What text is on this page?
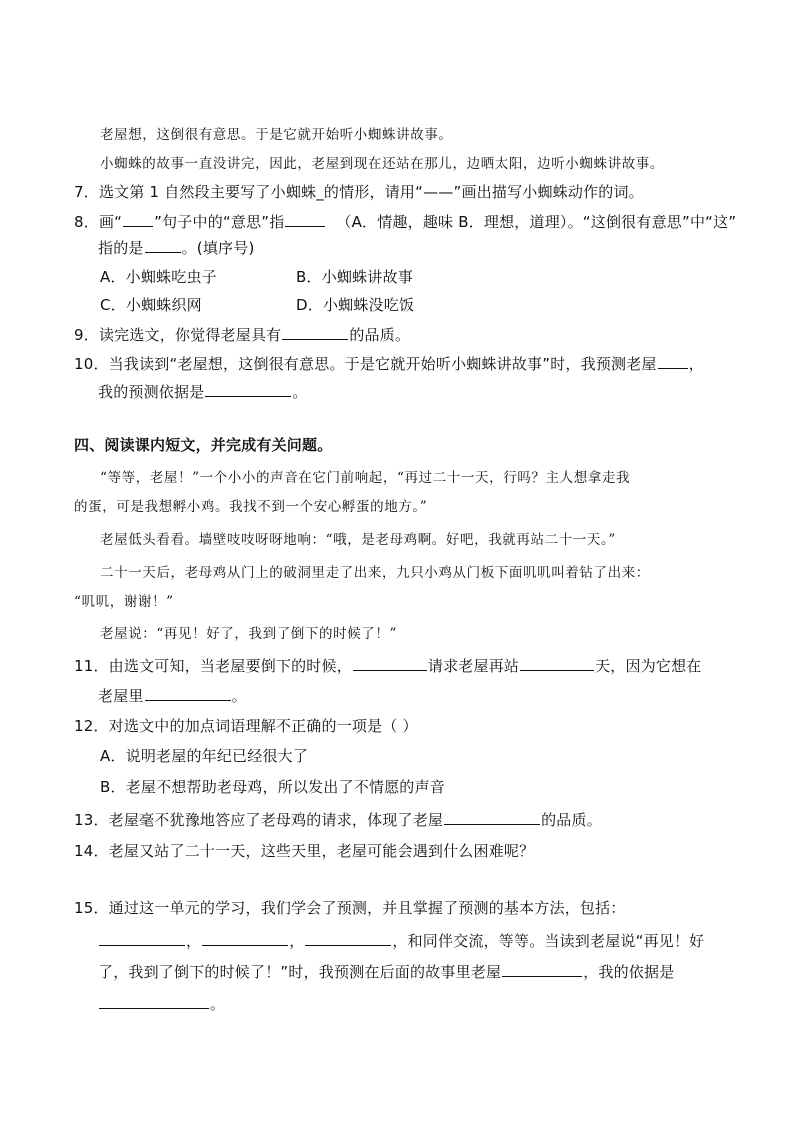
老屋想，这倒很有意思。于是它就开始听小蜘蛛讲故事。
小蜘蛛的故事一直没讲完，因此，老屋到现在还站在那儿，边晒太阳，边听小蜘蛛讲故事。
7．选文第 1 自然段主要写了小蜘蛛_的情形，请用“——”画出描写小蜘蛛动作的词。
8．画“ ”句子中的“意思”指	（A．情趣，趣味 B．理想，道理）。“这倒很有意思”中“这”
指的是	。(填序号)
A．小蜘蛛吃虫子	B．小蜘蛛讲故事
C．小蜘蛛织网	D．小蜘蛛没吃饭
9．读完选文，你觉得老屋具有	的品质。
10．当我读到“老屋想，这倒很有意思。于是它就开始听小蜘蛛讲故事”时，我预测老屋 ，
我的预测依据是	。
四、阅读课内短文，并完成有关问题。
“等等，老屋！”一个小小的声音在它门前响起，“再过二十一天，行吗？主人想拿走我
的蛋，可是我想孵小鸡。我找不到一个安心孵蛋的地方。”
老屋低头看看。墙壁吱吱呀呀地响：“哦，是老母鸡啊。好吧，我就再站二十一天。”
二十一天后，老母鸡从门上的破洞里走了出来，九只小鸡从门板下面叽叽叫着钻了出来：
“叽叽，谢谢！”
老屋说：“再见！好了，我到了倒下的时候了！”
11．由选文可知，当老屋要倒下的时候，	请求老屋再站	天，因为它想在
老屋里	。
12．对选文中的加点词语理解不正确的一项是（ ）
A．说明老屋的年纪已经很大了
B．老屋不想帮助老母鸡，所以发出了不情愿的声音
13．老屋毫不犹豫地答应了老母鸡的请求，体现了老屋	的品质。
14．老屋又站了二十一天，这些天里，老屋可能会遇到什么困难呢？
15．通过这一单元的学习，我们学会了预测，并且掌握了预测的基本方法，包括：
，	，	，和同伴交流，等等。当读到老屋说“再见！好
了，我到了倒下的时候了！”时，我预测在后面的故事里老屋	，我的依据是
。
